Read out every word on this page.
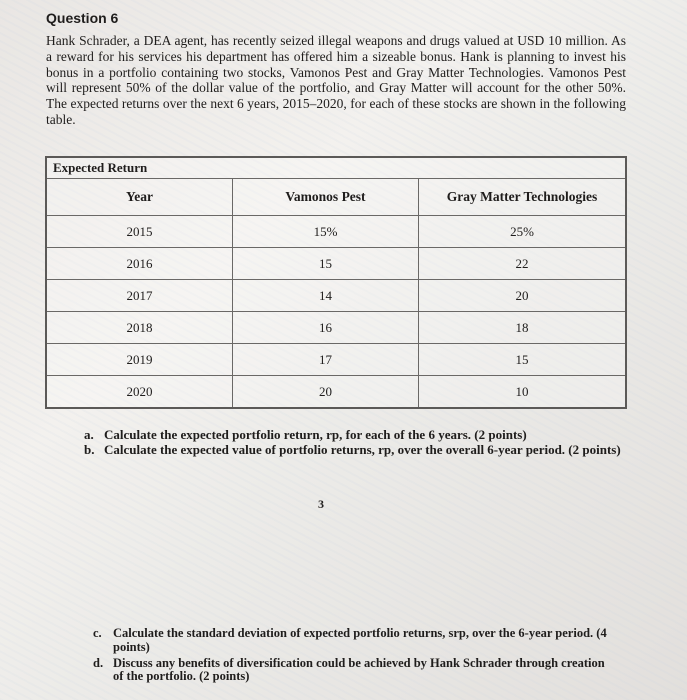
Question 6
Hank Schrader, a DEA agent, has recently seized illegal weapons and drugs valued at USD 10 million. As a reward for his services his department has offered him a sizeable bonus. Hank is planning to invest his bonus in a portfolio containing two stocks, Vamonos Pest and Gray Matter Technologies. Vamonos Pest will represent 50% of the dollar value of the portfolio, and Gray Matter will account for the other 50%. The expected returns over the next 6 years, 2015–2020, for each of these stocks are shown in the following table.
Expected Return
Year	Vamonos Pest	Gray Matter Technologies
2015	15%	25%
2016	15	22
2017	14	20
2018	16	18
2019	17	15
2020	20	10
a. Calculate the expected portfolio return, rp, for each of the 6 years. (2 points)
b. Calculate the expected value of portfolio returns, rp, over the overall 6-year period. (2 points)
3
c. Calculate the standard deviation of expected portfolio returns, srp, over the 6-year period. (4 points)
d. Discuss any benefits of diversification could be achieved by Hank Schrader through creation of the portfolio. (2 points)
